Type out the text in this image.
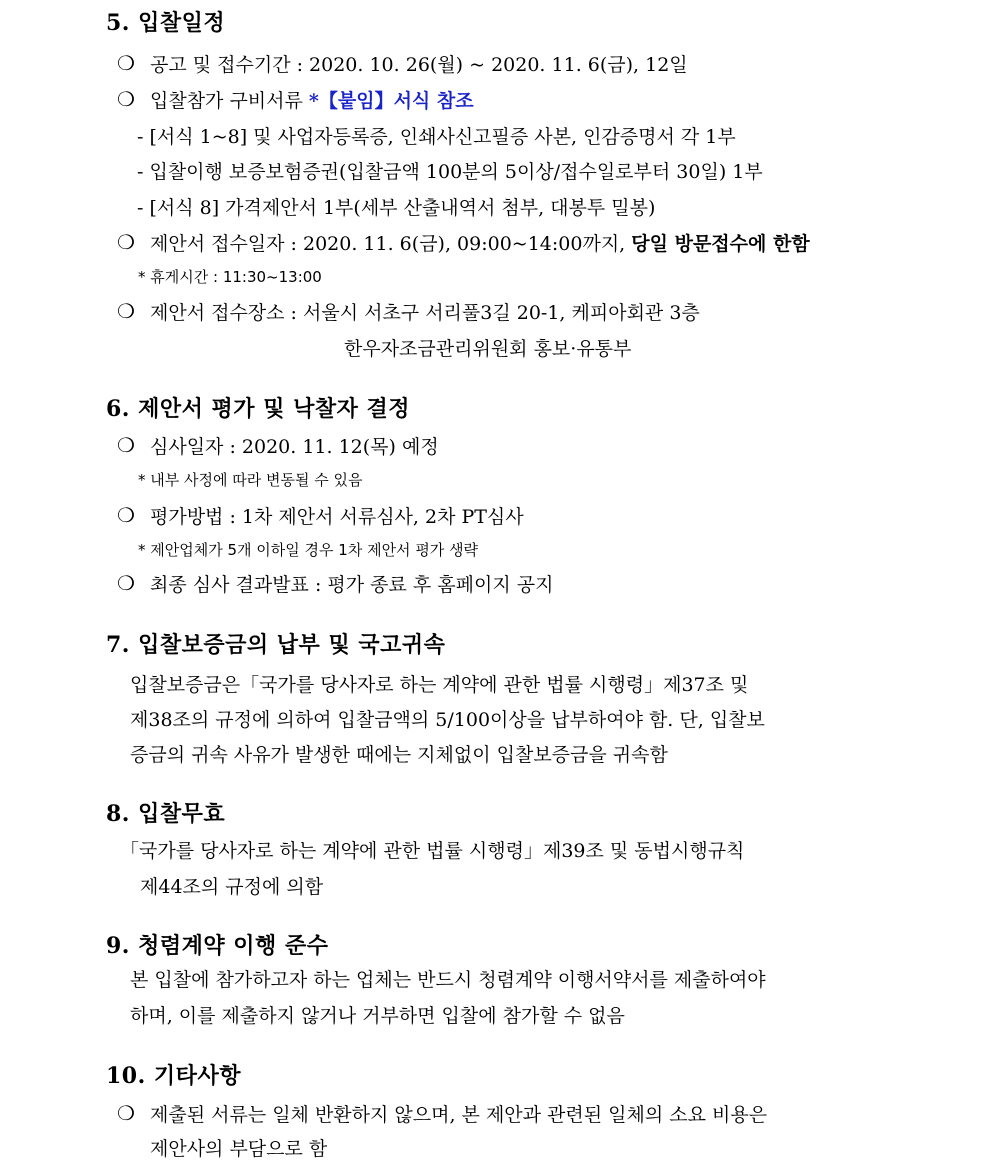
5. 입찰일정
❍ 공고 및 접수기간 : 2020. 10. 26(월) ~ 2020. 11. 6(금), 12일
❍ 입찰참가 구비서류 *【붙임】서식 참조
- [서식 1~8] 및 사업자등록증, 인쇄사신고필증 사본, 인감증명서 각 1부
- 입찰이행 보증보험증권(입찰금액 100분의 5이상/접수일로부터 30일) 1부
- [서식 8] 가격제안서 1부(세부 산출내역서 첨부, 대봉투 밀봉)
❍ 제안서 접수일자 : 2020. 11. 6(금), 09:00~14:00까지, 당일 방문접수에 한함
* 휴게시간 : 11:30~13:00
❍ 제안서 접수장소 : 서울시 서초구 서리풀3길 20-1, 케피아회관 3층
한우자조금관리위원회 홍보·유통부
6. 제안서 평가 및 낙찰자 결정
❍ 심사일자 : 2020. 11. 12(목) 예정
* 내부 사정에 따라 변동될 수 있음
❍ 평가방법 : 1차 제안서 서류심사, 2차 PT심사
* 제안업체가 5개 이하일 경우 1차 제안서 평가 생략
❍ 최종 심사 결과발표 : 평가 종료 후 홈페이지 공지
7. 입찰보증금의 납부 및 국고귀속
입찰보증금은「국가를 당사자로 하는 계약에 관한 법률 시행령」제37조 및
제38조의 규정에 의하여 입찰금액의 5/100이상을 납부하여야 함. 단, 입찰보
증금의 귀속 사유가 발생한 때에는 지체없이 입찰보증금을 귀속함
8. 입찰무효
「국가를 당사자로 하는 계약에 관한 법률 시행령」제39조 및 동법시행규칙
제44조의 규정에 의함
9. 청렴계약 이행 준수
본 입찰에 참가하고자 하는 업체는 반드시 청렴계약 이행서약서를 제출하여야
하며, 이를 제출하지 않거나 거부하면 입찰에 참가할 수 없음
10. 기타사항
❍ 제출된 서류는 일체 반환하지 않으며, 본 제안과 관련된 일체의 소요 비용은
제안사의 부담으로 함
